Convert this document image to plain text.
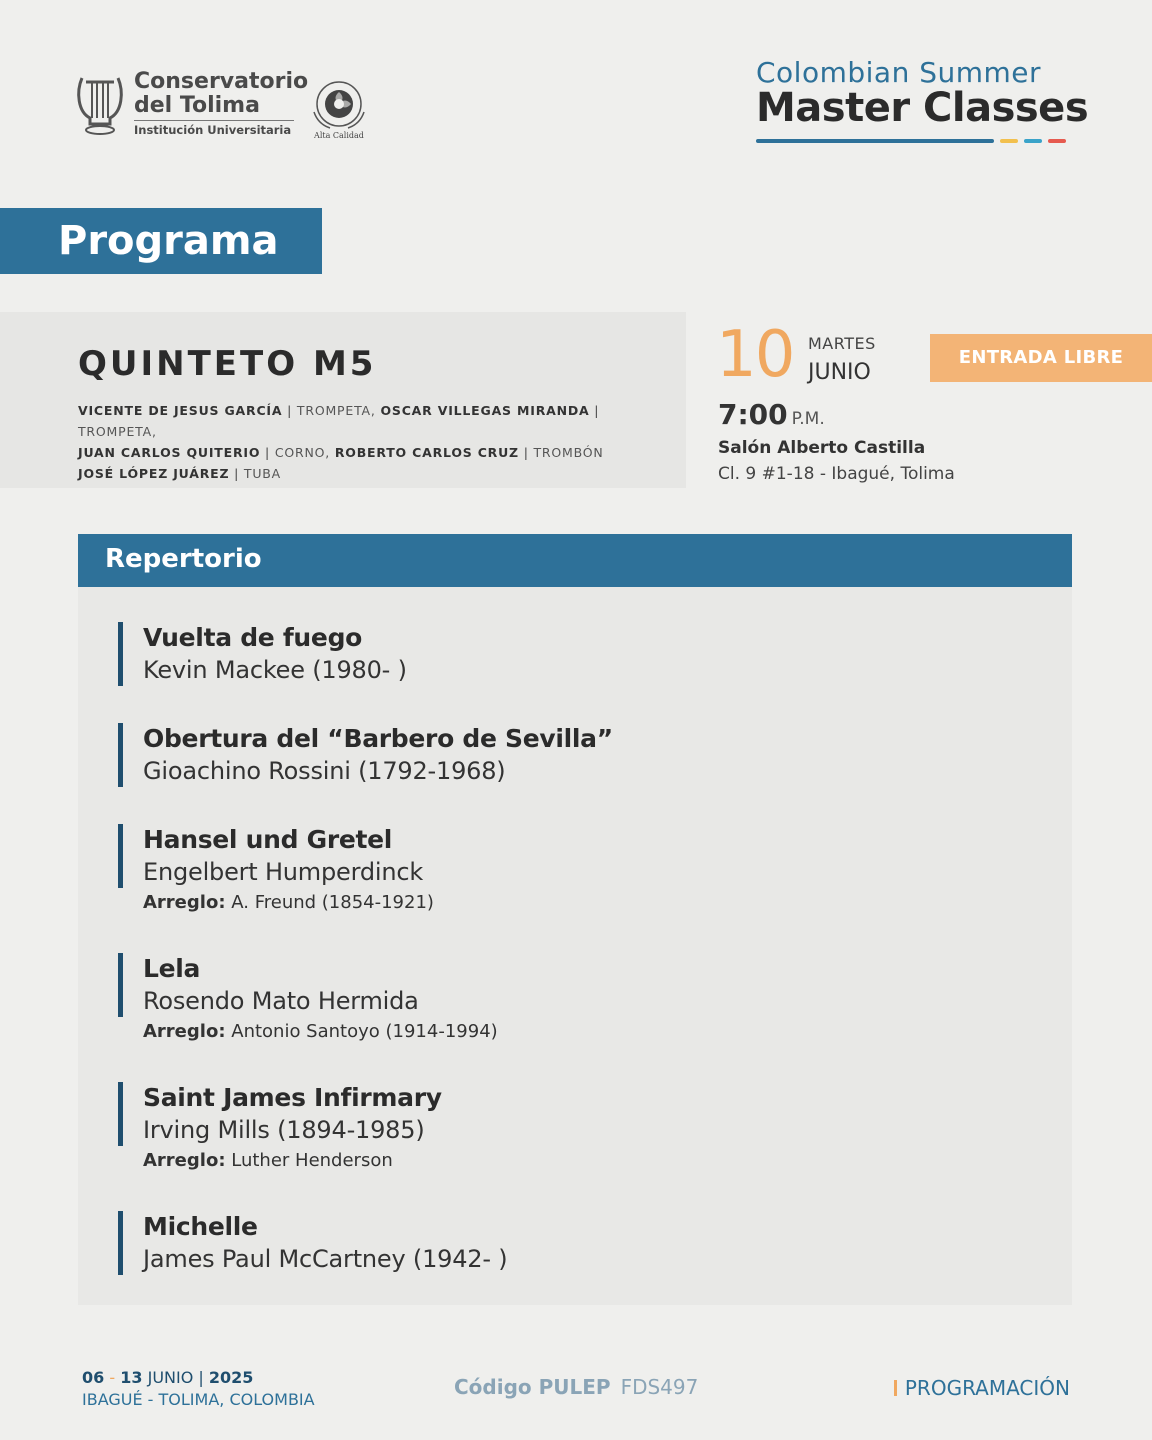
Conservatorio
del Tolima
Institución Universitaria	Alta Calidad
Colombian Summer
Master Classes
Programa
QUINTETO M5
VICENTE DE JESUS GARCÍA | TROMPETA, OSCAR VILLEGAS MIRANDA | TROMPETA,
JUAN CARLOS QUITERIO | CORNO, ROBERTO CARLOS CRUZ | TROMBÓN
JOSÉ LÓPEZ JUÁREZ | TUBA
10 MARTES
JUNIO
ENTRADA LIBRE
7:00 P.M.
Salón Alberto Castilla
Cl. 9 #1-18 - Ibagué, Tolima
Repertorio
Vuelta de fuego
Kevin Mackee (1980- )
Obertura del “Barbero de Sevilla”
Gioachino Rossini (1792-1968)
Hansel und Gretel
Engelbert Humperdinck
Arreglo: A. Freund (1854-1921)
Lela
Rosendo Mato Hermida
Arreglo: Antonio Santoyo (1914-1994)
Saint James Infirmary
Irving Mills (1894-1985)
Arreglo: Luther Henderson
Michelle
James Paul McCartney (1942- )
06 - 13 JUNIO | 2025
IBAGUÉ - TOLIMA, COLOMBIA
Código PULEP FDS497	PROGRAMACIÓN
